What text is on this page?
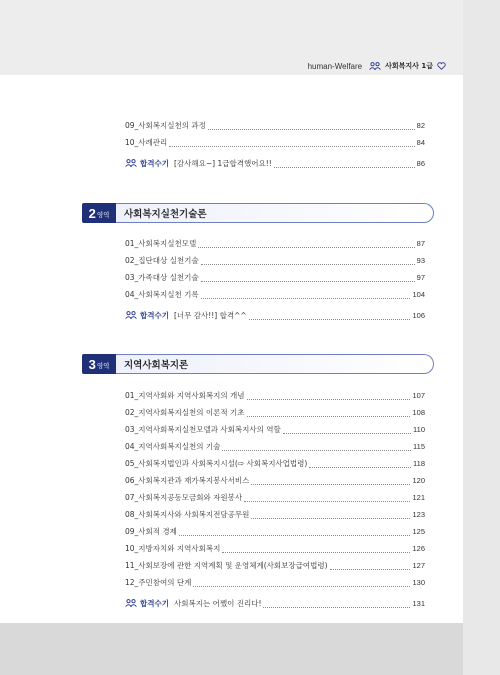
human-Welfare	사회복지사 1급
09_사회복지실천의 과정	82
10_사례관리	84
합격수기 [감사해요~] 1급합격했어요!!	86
2 영역 사회복지실천기술론
01_사회복지실천모델	87
02_집단대상 실천기술	93
03_가족대상 실천기술	97
04_사회복지실천 기록	104
합격수기 [너무 감사!!] 합격^^	106
3 영역 지역사회복지론
01_지역사회와 지역사회복지의 개념	107
02_지역사회복지실천의 이론적 기초	108
03_지역사회복지실천모델과 사회복지사의 역할	110
04_지역사회복지실천의 기술	115
05_사회복지법인과 사회복지시설(⇨ 사회복지사업법령)	118
06_사회복지관과 재가복지봉사서비스	120
07_사회복지공동모금회와 자원봉사	121
08_사회복지사와 사회복지전담공무원	123
09_사회적 경제	125
10_지방자치와 지역사회복지	126
11_사회보장에 관한 지역계획 및 운영체계(사회보장급여법령)	127
12_주민참여의 단계	130
합격수기 사회복지는 어쨌이 진리다!	131
